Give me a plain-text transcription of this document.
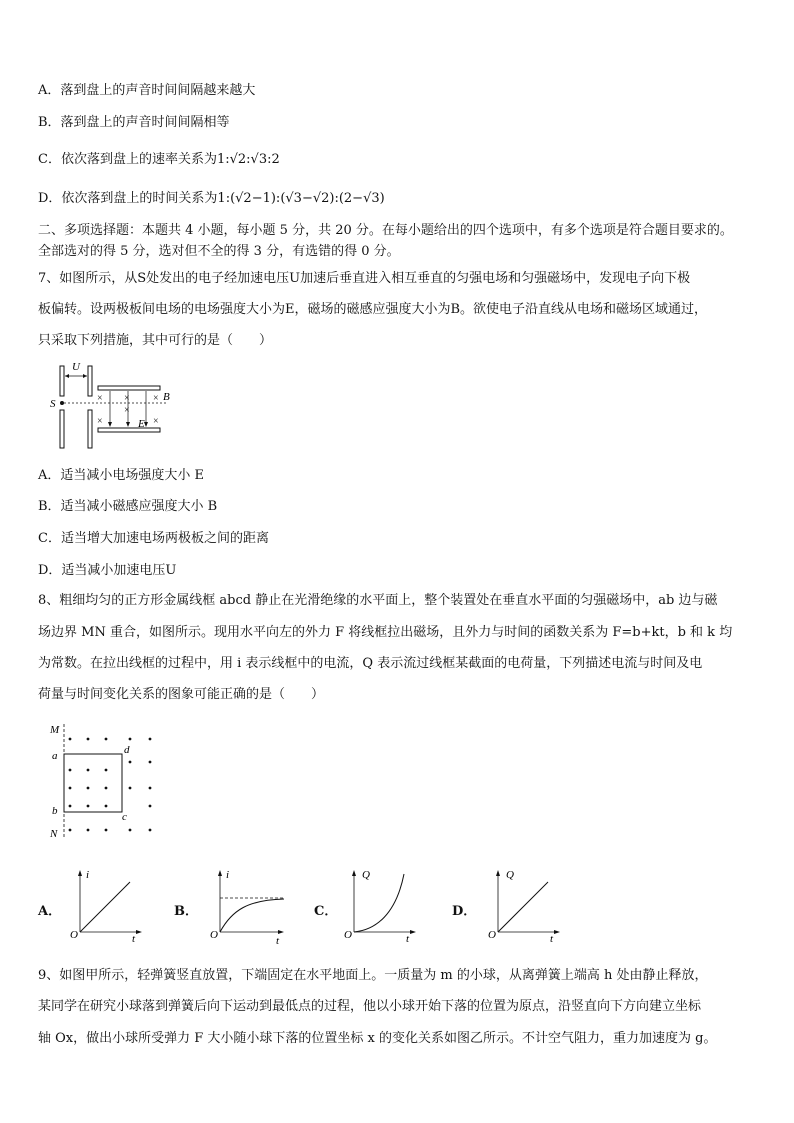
A．落到盘上的声音时间间隔越来越大
B．落到盘上的声音时间间隔相等
C．依次落到盘上的速率关系为1:√2:√3:2
D．依次落到盘上的时间关系为1:(√2−1):(√3−√2):(2−√3)
二、多项选择题：本题共 4 小题，每小题 5 分，共 20 分。在每小题给出的四个选项中，有多个选项是符合题目要求的。
全部选对的得 5 分，选对但不全的得 3 分，有选错的得 0 分。
7、如图所示，从S处发出的电子经加速电压U加速后垂直进入相互垂直的匀强电场和匀强磁场中，发现电子向下极
板偏转。设两极板间电场的电场强度大小为E，磁场的磁感应强度大小为B。欲使电子沿直线从电场和磁场区域通过，
只采取下列措施，其中可行的是（　　）
U
S	× × ×
×
×
×
B
E
A．适当减小电场强度大小 E
B．适当减小磁感应强度大小 B
C．适当增大加速电场两极板之间的距离
D．适当减小加速电压U
8、粗细均匀的正方形金属线框 abcd 静止在光滑绝缘的水平面上，整个装置处在垂直水平面的匀强磁场中，ab 边与磁
场边界 MN 重合，如图所示。现用水平向左的外力 F 将线框拉出磁场，且外力与时间的函数关系为 F=b+kt，b 和 k 均
为常数。在拉出线框的过程中，用 i 表示线框中的电流，Q 表示流过线框某截面的电荷量，下列描述电流与时间及电
荷量与时间变化关系的图象可能正确的是（　　）
M
N
a
b	c
d
A．
i
t
O
B．
i
t
O
C．
Q
t
O
D．
Q
t
O
9、如图甲所示，轻弹簧竖直放置，下端固定在水平地面上。一质量为 m 的小球，从离弹簧上端高 h 处由静止释放，
某同学在研究小球落到弹簧后向下运动到最低点的过程，他以小球开始下落的位置为原点，沿竖直向下方向建立坐标
轴 Ox，做出小球所受弹力 F 大小随小球下落的位置坐标 x 的变化关系如图乙所示。不计空气阻力，重力加速度为 g。
